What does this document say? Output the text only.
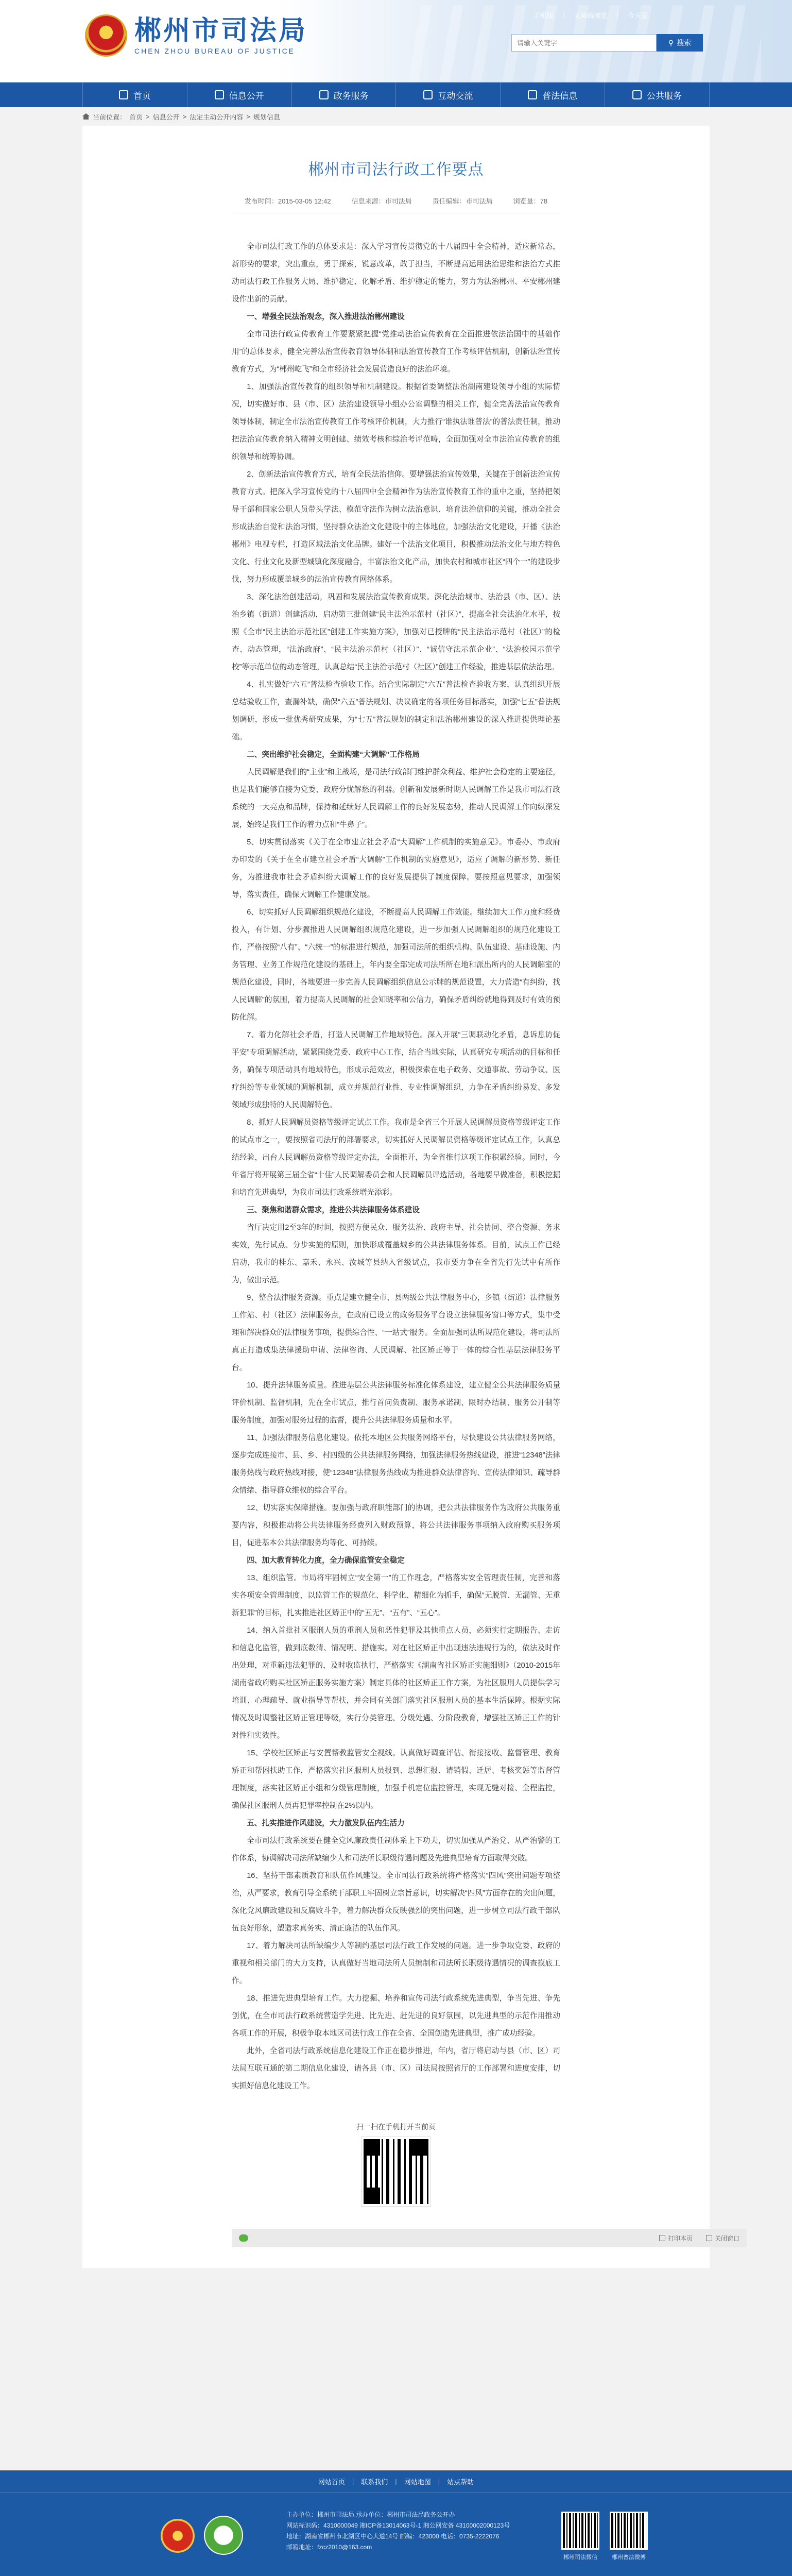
手机版 | 无障碍浏览 | 今天是
郴州市司法局
CHEN ZHOU BUREAU OF JUSTICE
请输入关键字
⚲ 搜索
首页	信息公开	政务服务	互动交流	普法信息	公共服务
当前位置： 首页 > 信息公开 > 法定主动公开内容 > 规划信息
郴州市司法行政工作要点
发布时间：2015-03-05 12:42	信息来源：市司法局	责任编辑：市司法局	浏览量：78

全市司法行政工作的总体要求是：深入学习宣传贯彻党的十八届四中全会精神，适应新常态，新形势的要求，突出重点，勇于探索，锐意改革，敢于担当，不断提高运用法治思维和法治方式推动司法行政工作服务大局、维护稳定、化解矛盾、维护稳定的能力，努力为法治郴州、平安郴州建设作出新的贡献。

一、增强全民法治观念，深入推进法治郴州建设

全市司法行政宣传教育工作要紧紧把握“党推动法治宣传教育在全面推进依法治国中的基础作用”的总体要求，健全完善法治宣传教育领导体制和法治宣传教育工作考核评估机制，创新法治宣传教育方式，为“郴州屹飞”和全市经济社会发展营造良好的法治环境。

1、加强法治宣传教育的组织领导和机制建设。根据省委调整法治湖南建设领导小组的实际情况，切实做好市、县（市、区）法治建设领导小组办公室调整的相关工作，健全完善法治宣传教育领导体制，制定全市法治宣传教育工作考核评价机制，大力推行“谁执法谁普法”的普法责任制，推动把法治宣传教育纳入精神文明创建、绩效考核和综治考评范畴，全面加强对全市法治宣传教育的组织领导和统筹协调。

2、创新法治宣传教育方式，培育全民法治信仰。要增强法治宣传效果，关键在于创新法治宣传教育方式。把深入学习宣传党的十八届四中全会精神作为法治宣传教育工作的重中之重，坚持把领导干部和国家公职人员带头学法、模范守法作为树立法治意识、培育法治信仰的关键，推动全社会形成法治自觉和法治习惯，坚持群众法治文化建设中的主体地位，加强法治文化建设，开播《法治郴州》电视专栏，打造区域法治文化品牌。建好一个法治文化项目，积极推动法治文化与地方特色文化、行业文化及新型城镇化深度融合，丰富法治文化产品，加快农村和城市社区“四个一”的建设步伐，努力形成覆盖城乡的法治宣传教育网络体系。

3、深化法治创建活动，巩固和发展法治宣传教育成果。深化法治城市、法治县（市、区）、法治乡镇（街道）创建活动，启动第三批创建“民主法治示范村（社区）”，提高全社会法治化水平，按照《全市“民主法治示范社区”创建工作实施方案》，加强对已授牌的“民主法治示范村（社区）”的检查、动态管理，“法治政府”、“民主法治示范村（社区）”、“诚信守法示范企业”、“法治校园示范学校”等示范单位的动态管理，认真总结“民主法治示范村（社区）”创建工作经验，推进基层依法治理。

4、扎实做好“六五”普法检查验收工作。结合实际制定“六五”普法检查验收方案，认真组织开展总结验收工作，查漏补缺，确保“六五”普法规划、决议确定的各项任务目标落实，加强“七五”普法规划调研，形成一批优秀研究成果，为“七五”普法规划的制定和法治郴州建设的深入推进提供理论基础。

二、突出维护社会稳定，全面构建“大调解”工作格局

人民调解是我们的“主业”和主战场，是司法行政部门维护群众利益、维护社会稳定的主要途径，也是我们能够直接为党委、政府分忧解愁的利器。创新和发展新时期人民调解工作是我市司法行政系统的一大亮点和品牌，保持和延续好人民调解工作的良好发展态势，推动人民调解工作向纵深发展，始终是我们工作的着力点和“牛鼻子”。

5、切实贯彻落实《关于在全市建立社会矛盾“大调解”工作机制的实施意见》。市委办、市政府办印发的《关于在全市建立社会矛盾“大调解”工作机制的实施意见》，适应了调解的新形势、新任务，为推进我市社会矛盾纠纷大调解工作的良好发展提供了制度保障。要按照意见要求，加强领导，落实责任，确保大调解工作健康发展。

6、切实抓好人民调解组织规范化建设，不断提高人民调解工作效能。继续加大工作力度和经费投入，有计划、分步骤推进人民调解组织规范化建设，进一步加强人民调解组织的规范化建设工作，严格按照“八有”、“六统一”的标准进行规范，加强司法所的组织机构、队伍建设、基础设施、内务管理、业务工作规范化建设的基础上，年内要全部完成司法所所在地和派出所内的人民调解室的规范化建设，同时，各地要进一步完善人民调解组织信息公示牌的规范设置，大力营造“有纠纷，找人民调解”的氛围，着力提高人民调解的社会知晓率和公信力，确保矛盾纠纷就地得到及时有效的预防化解。

7、着力化解社会矛盾，打造人民调解工作地域特色。深入开展“三调联动化矛盾，息诉息访促平安”专项调解活动，紧紧围绕党委、政府中心工作，结合当地实际，认真研究专项活动的目标和任务，确保专项活动具有地域特色，形成示范效应，积极探索在电子政务、交通事故、劳动争议、医疗纠纷等专业领域的调解机制，成立并规范行业性、专业性调解组织，力争在矛盾纠纷易发、多发领域形成独特的人民调解特色。

8、抓好人民调解员资格等级评定试点工作。我市是全省三个开展人民调解员资格等级评定工作的试点市之一，要按照省司法厅的部署要求，切实抓好人民调解员资格等级评定试点工作，认真总结经验，出台人民调解员资格等级评定办法，全面推开，为全省推行这项工作积累经验。同时，今年省厅将开展第三届全省“十佳”人民调解委员会和人民调解员评选活动，各地要早做准备，积极挖掘和培育先进典型，为我市司法行政系统增光添彩。

三、聚焦和谐群众需求，推进公共法律服务体系建设

省厅决定用2至3年的时间，按照方便民众、服务法治、政府主导、社会协同、整合资源、务求实效，先行试点、分步实施的原则，加快形成覆盖城乡的公共法律服务体系。目前，试点工作已经启动，我市的桂东、嘉禾、永兴、汝城等县纳入省级试点，我市要力争在全省先行先试中有所作为，做出示范。

9、整合法律服务资源。重点是建立健全市、县两级公共法律服务中心，乡镇（街道）法律服务工作站、村（社区）法律服务点，在政府已设立的政务服务平台设立法律服务窗口等方式，集中受理和解决群众的法律服务事项，提供综合性、“一站式”服务。全面加强司法所规范化建设，将司法所真正打造成集法律援助申请、法律咨询、人民调解、社区矫正等于一体的综合性基层法律服务平台。

10、提升法律服务质量。推进基层公共法律服务标准化体系建设，建立健全公共法律服务质量评价机制、监督机制，先在全市试点，推行首问负责制、服务承诺制、限时办结制、服务公开制等服务制度，加强对服务过程的监督，提升公共法律服务质量和水平。

11、加强法律服务信息化建设。依托本地区公共服务网络平台，尽快建设公共法律服务网络，逐步完成连接市、县、乡、村四级的公共法律服务网络，加强法律服务热线建设，推进“12348”法律服务热线与政府热线对接，使“12348”法律服务热线成为推进群众法律咨询、宣传法律知识、疏导群众情绪、指导群众维权的综合平台。

12、切实落实保障措施。要加强与政府职能部门的协调，把公共法律服务作为政府公共服务重要内容，积极推动将公共法律服务经费列入财政预算，将公共法律服务事项纳入政府购买服务项目，促进基本公共法律服务均等化、可持续。

四、加大教育转化力度，全力确保监管安全稳定

13、组织监管。市局将牢固树立“安全第一”的工作理念，严格落实安全管理责任制，完善和落实各项安全管理制度，以监管工作的规范化、科学化、精细化为抓手，确保“无脱管、无漏管、无重新犯罪”的目标，扎实推进社区矫正中的“五无”、“五有”、“五心”。

14、纳入首批社区服刑人员的重刑人员和恶性犯罪及其他重点人员，必须实行定期报告、走访和信息化监管，做到底数清、情况明、措施实。对在社区矫正中出现违法违规行为的，依法及时作出处理，对重新违法犯罪的，及时收监执行，严格落实《湖南省社区矫正实施细则》（2010-2015年湖南省政府购买社区矫正服务实施方案）制定具体的社区矫正工作方案，为社区服刑人员提供学习培训、心理疏导、就业指导等帮扶，并会同有关部门落实社区服刑人员的基本生活保障。根据实际情况及时调整社区矫正管理等级，实行分类管理、分级处遇、分阶段教育，增强社区矫正工作的针对性和实效性。

15、学校社区矫正与安置帮教监管安全视线。认真做好调查评估、衔接接收、监督管理、教育矫正和帮困扶助工作，严格落实社区服刑人员报到、思想汇报、请销假、迁居、考核奖惩等监督管理制度，落实社区矫正小组和分级管理制度，加强手机定位监控管理，实现无缝对接、全程监控，确保社区服刑人员再犯罪率控制在2%以内。

五、扎实推进作风建设，大力激发队伍内生活力

全市司法行政系统要在健全党风廉政责任制体系上下功夫，切实加强从严治党、从严治警的工作体系，协调解决司法所缺编少人和司法所长职级待遇问题及先进典型培育方面取得突破。

16、坚持干部素质教育和队伍作风建设。全市司法行政系统将严格落实“四风”突出问题专项整治，从严要求，教育引导全系统干部职工牢固树立宗旨意识，切实解决“四风”方面存在的突出问题，深化党风廉政建设和反腐败斗争，着力解决群众反映强烈的突出问题，进一步树立司法行政干部队伍良好形象，塑造求真务实、清正廉洁的队伍作风。

17、着力解决司法所缺编少人等制约基层司法行政工作发展的问题。进一步争取党委、政府的重视和相关部门的大力支持，认真做好当地司法所人员编制和司法所长职级待遇情况的调查摸底工作。

18、推进先进典型培育工作。大力挖掘、培养和宣传司法行政系统先进典型，争当先进、争先创优，在全市司法行政系统营造学先进、比先进、赶先进的良好氛围，以先进典型的示范作用推动各项工作的开展，积极争取本地区司法行政工作在全省、全国创造先进典型，推广成功经验。

此外，全省司法行政系统信息化建设工作正在稳步推进，年内，省厅将启动与县（市、区）司法局互联互通的第二期信息化建设，请各县（市、区）司法局按照省厅的工作部署和进度安排，切实抓好信息化建设工作。

扫一扫在手机打开当前页
打印本页	关闭窗口
网站首页 | 联系我们 | 网站地图 | 站点帮助
主办单位：郴州市司法局 承办单位：郴州市司法局政务公开办
网站标识码：4310000049 湘ICP备13014063号-1 湘公网安备 43100002000123号
地址：湖南省郴州市北湖区中心大道14号 邮编：423000 电话：0735-2222076
邮箱地址：fzcz2010@163.com
郴州司法微信	郴州普法微博
